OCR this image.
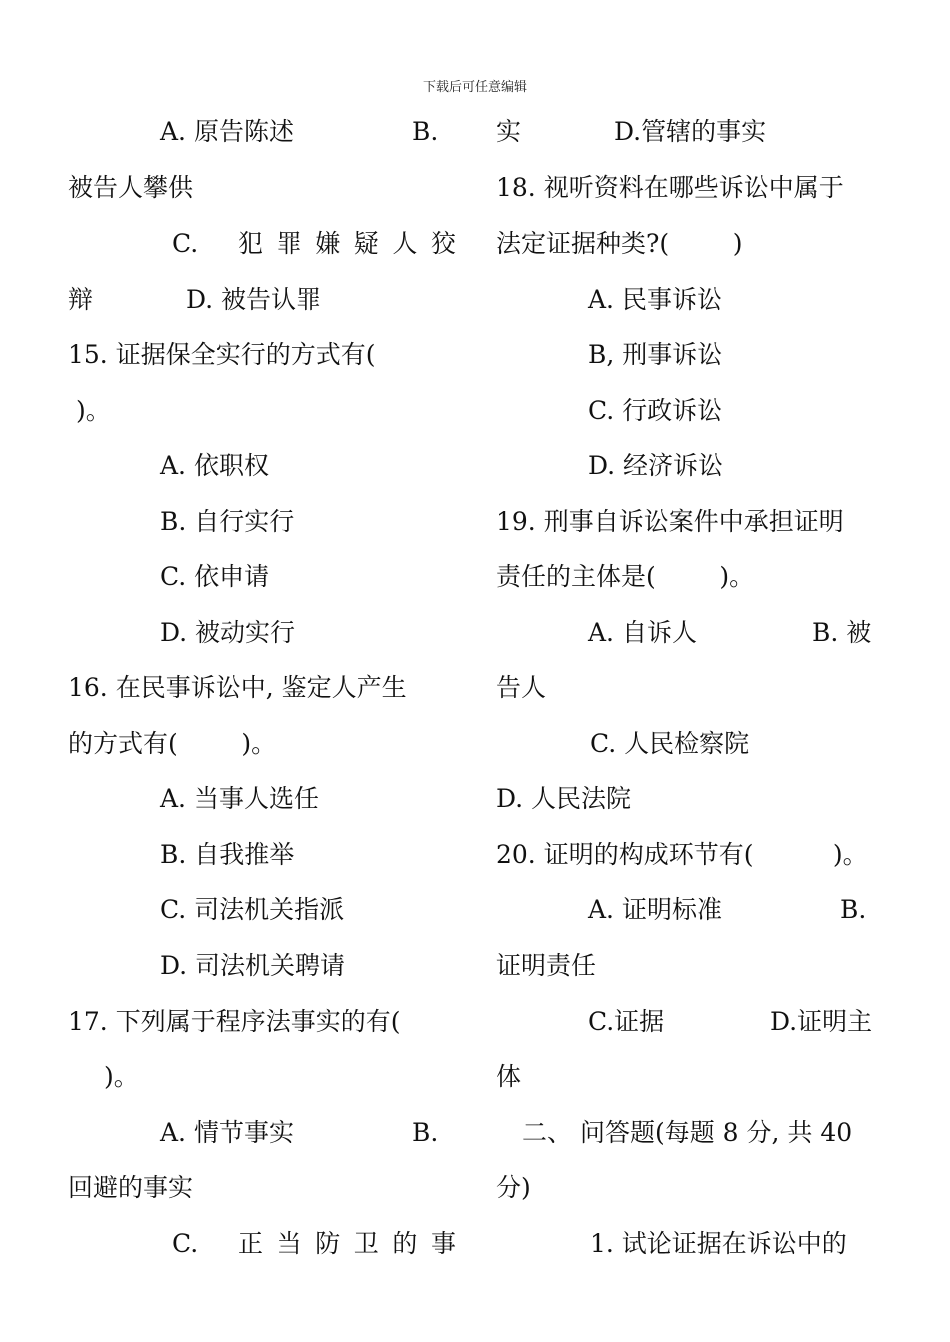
下载后可任意编辑
A. 原告陈述	B.
被告人攀供
C. 犯 罪 嫌 疑 人 狡
辩	D. 被告认罪
15. 证据保全实行的方式有(
)。
A. 依职权
B. 自行实行
C. 依申请
D. 被动实行
16. 在民事诉讼中, 鉴定人产生
的方式有(        )。
A. 当事人选任
B. 自我推举
C. 司法机关指派
D. 司法机关聘请
17. 下列属于程序法事实的有(
)。
A. 情节事实	B.
回避的事实
C. 正 当 防 卫 的 事
实	D.管辖的事实
18. 视听资料在哪些诉讼中属于
法定证据种类?(        )
A. 民事诉讼
B, 刑事诉讼
C. 行政诉讼
D. 经济诉讼
19. 刑事自诉讼案件中承担证明
责任的主体是(        )。
A. 自诉人	B. 被
告人
C. 人民检察院
D. 人民法院
20. 证明的构成环节有(          )。
A. 证明标准	B.
证明责任
C.证据	D.证明主
体
二、 问答题(每题 8 分, 共 40
分)
1. 试论证据在诉讼中的
